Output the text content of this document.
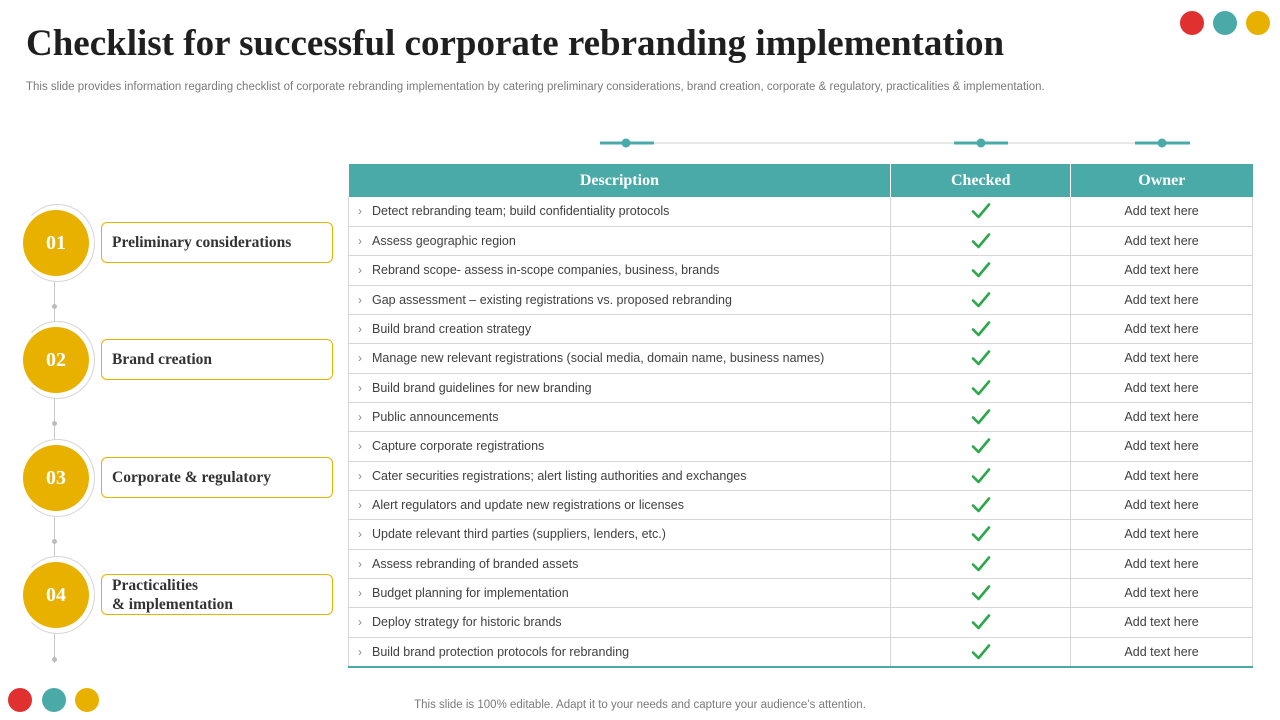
Checklist for successful corporate rebranding implementation

This slide provides information regarding checklist of corporate rebranding implementation by catering preliminary considerations, brand creation, corporate & regulatory, practicalities & implementation.

01	Preliminary considerations
02	Brand creation
03	Corporate & regulatory
04	Practicalities
& implementation
Description	Checked	Owner
› Detect rebranding team; build confidentiality protocols		Add text here
› Assess geographic region		Add text here
› Rebrand scope- assess in-scope companies, business, brands		Add text here
› Gap assessment – existing registrations vs. proposed rebranding		Add text here
› Build brand creation strategy		Add text here
› Manage new relevant registrations (social media, domain name, business names)		Add text here
› Build brand guidelines for new branding		Add text here
› Public announcements		Add text here
› Capture corporate registrations		Add text here
› Cater securities registrations; alert listing authorities and exchanges		Add text here
› Alert regulators and update new registrations or licenses		Add text here
› Update relevant third parties (suppliers, lenders, etc.)		Add text here
› Assess rebranding of branded assets		Add text here
› Budget planning for implementation		Add text here
› Deploy strategy for historic brands		Add text here
› Build brand protection protocols for rebranding		Add text here

This slide is 100% editable. Adapt it to your needs and capture your audience’s attention.
